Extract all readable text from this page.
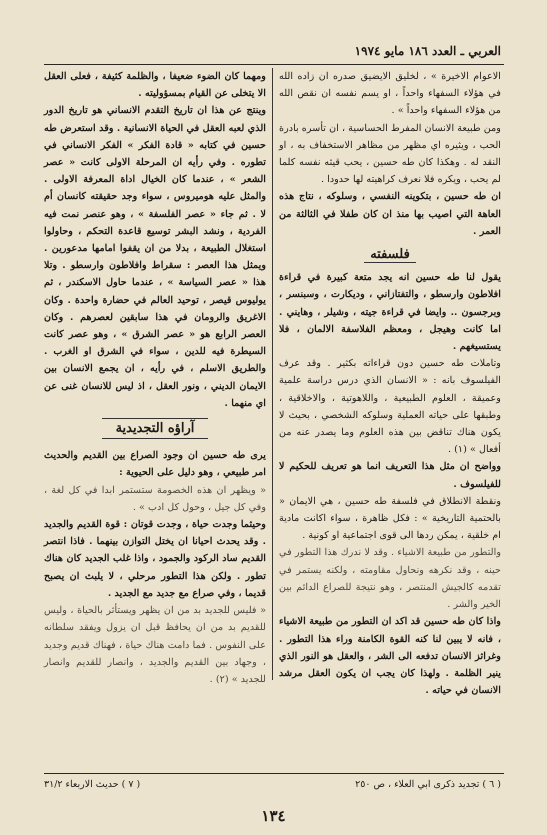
العربي ـ العدد ١٨٦ مايو ١٩٧٤

الاعوام الاخيرة » ، لخليق الايضيق صدره ان زاده الله في هؤلاء السفهاء واحداً ، او يسم نفسه ان نقص الله من هؤلاء السفهاء واحداً » .

ومن طبيعة الانسان المفرط الحساسية ، ان تأسره بادرة الحب ، ويثيره اي مظهر من مظاهر الاستخفاف به ، او النقد له . وهكذا كان طه حسين ، يحب قيثه نفسه كلما لم يحب ، ويكره فلا نعرف كراهيته لها حدودا .

ان طه حسين ، بتكوينه النفسي ، وسلوكه ، نتاج هذه العاهة التي اصيب بها منذ ان كان طفلا في الثالثة من العمر .

فلسفته

يقول لنا طه حسين انه يجد متعة كبيرة في قراءة افلاطون وارسطو ، والتفتازاني ، وديكارت ، وسبنسر ، وبرجسون .. وايضا في قراءة جيته ، وشيلر ، وهايني . اما كانت وهيجل ، ومعظم الفلاسفة الالمان ، فلا يستسيغهم .

وتاملات طه حسين دون قراءاته بكثير . وقد عرف الفيلسوف بانه : « الانسان الذي درس دراسة علمية وعميقة ، العلوم الطبيعية ، واللاهوتية ، والاخلاقية ، وطبقها على حياته العملية وسلوكه الشخصي ، بحيث لا يكون هناك تناقض بين هذه العلوم وما يصدر عنه من أفعال » (١) .

وواضح ان مثل هذا التعريف انما هو تعريف للحكيم لا للفيلسوف .

ونقطة الانطلاق في فلسفة طه حسين ، هي الايمان « بالحتمية التاريخية » : فكل ظاهرة ، سواء اكانت مادية ام خلقية ، يمكن ردها الى قوى اجتماعية او كونية .

والتطور من طبيعة الاشياء . وقد لا ندرك هذا التطور في حينه ، وقد نكرهه ونحاول مقاومته ، ولكنه يستمر في تقدمه كالجيش المنتصر ، وهو نتيجة للصراع الدائم بين الخير والشر .

واذا كان طه حسين قد اكد ان التطور من طبيعة الاشياء ، فانه لا يبين لنا كنه القوة الكامنة وراء هذا التطور . وغراثز الانسان تدفعه الى الشر ، والعقل هو النور الذي ينير الظلمة . ولهذا كان يجب ان يكون العقل مرشد الانسان في حياته .

ومهما كان الضوء ضعيفا ، والظلمة كثيفة ، فعلى العقل الا يتخلى عن القيام بمسؤوليته .

وينتج عن هذا ان تاريخ التقدم الانساني هو تاريخ الدور الذي لعبه العقل في الحياة الانسانية . وقد استعرض طه حسين في كتابه « قادة الفكر » الفكر الانساني في تطوره . وفي رأيه ان المرحلة الاولى كانت « عصر الشعر » ، عندما كان الخيال اداة المعرفة الاولى . والمثل عليه هوميروس ، سواء وجد حقيقته كانسان أم لا . ثم جاء « عصر الفلسفة » ، وهو عنصر نمت فيه الفردية ، ونشد البشر توسيع قاعدة التحكم ، وحاولوا استغلال الطبيعة ، بدلا من ان يقفوا امامها مدعورين . ويمثل هذا العصر : سقراط وافلاطون وارسطو . وتلا هذا « عصر السياسة » ، عندما حاول الاسكندر ، ثم يوليوس قيصر ، توحيد العالم في حضارة واحدة . وكان الاغريق والرومان في هذا سابقين لعصرهم . وكان العصر الرابع هو « عصر الشرق » ، وهو عصر كانت السيطرة فيه للدين ، سواء في الشرق او الغرب . والطريق الاسلم ، في رأيه ، ان يجمع الانسان بين الايمان الديني ، ونور العقل ، اذ ليس للانسان غنى عن اي منهما .

آراؤه التجديدية

يرى طه حسين ان وجود الصراع بين القديم والحديث امر طبيعي ، وهو دليل على الحيوية :

« ويظهر ان هذه الخصومة ستستمر ابدا في كل لغة ، وفي كل جيل ، وحول كل ادب » .

وحيثما وجدت حياة ، وجدت قوتان : قوة القديم والجديد . وقد يحدث احيانا ان يختل التوازن بينهما . فاذا انتصر القديم ساد الركود والجمود ، واذا غلب الجديد كان هناك تطور . ولكن هذا التطور مرحلي ، لا يلبث ان يصبح قديما ، وفي صراع مع جديد مع الجديد .

« فليس للجديد بد من ان يظهر ويستأثر بالحياة ، وليس للقديم بد من ان يحافظ قبل ان يزول ويفقد سلطانه على النفوس . فما دامت هناك حياة ، فهناك قديم وجديد ، وجهاد بين القديم والجديد ، وانصار للقديم وانصار للجديد » (٢) .

( ٦ ) تجديد ذكرى ابي العلاء ، ص ٢٥٠
( ٧ ) حديث الاربعاء ٣١/٢
١٣٤
